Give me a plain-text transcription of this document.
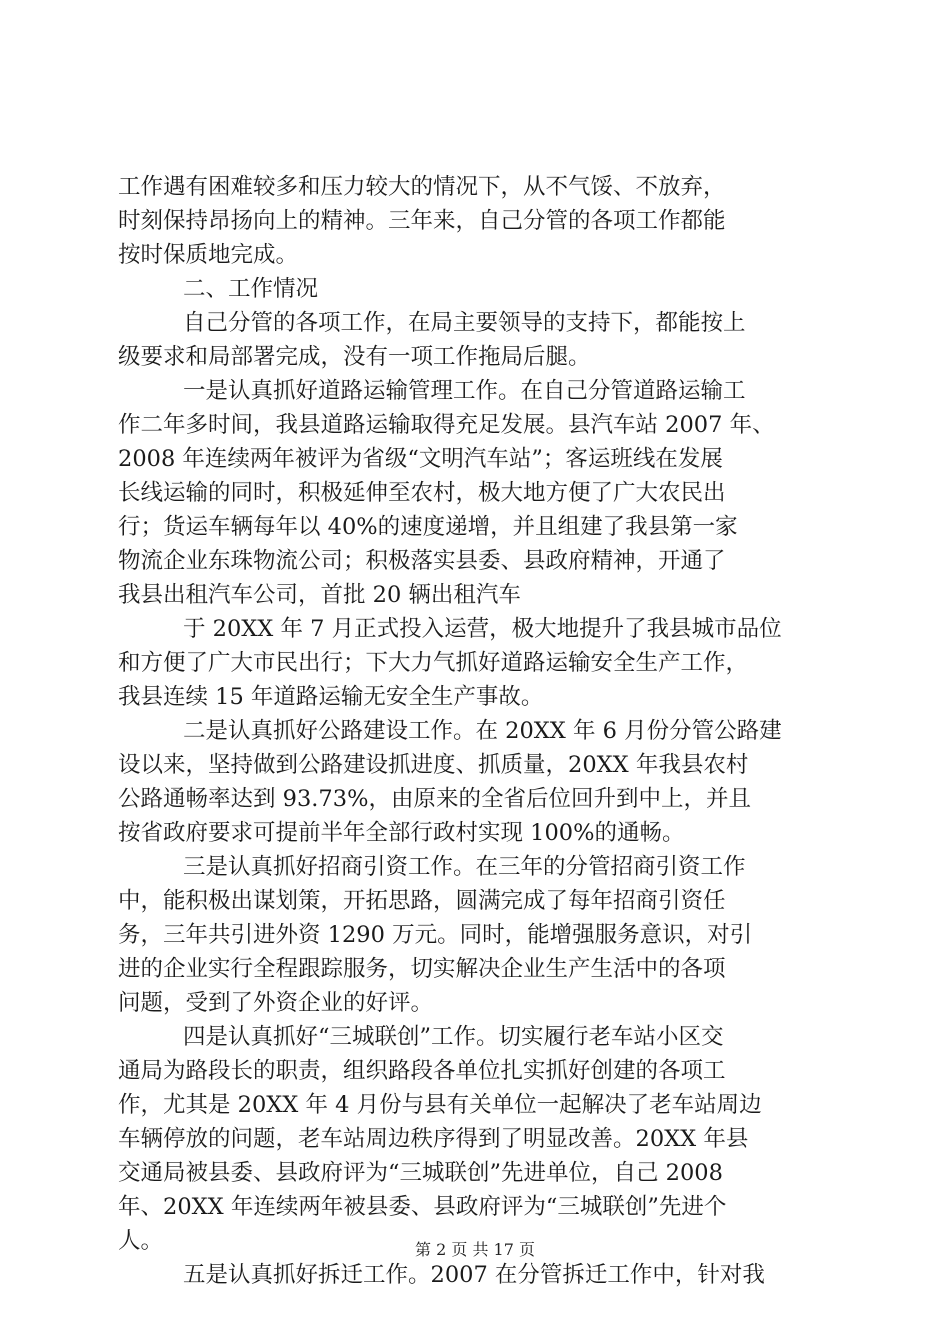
工作遇有困难较多和压力较大的情况下，从不气馁、不放弃，
时刻保持昂扬向上的精神。三年来，自己分管的各项工作都能
按时保质地完成。
二、工作情况
自己分管的各项工作，在局主要领导的支持下，都能按上
级要求和局部署完成，没有一项工作拖局后腿。
一是认真抓好道路运输管理工作。在自己分管道路运输工
作二年多时间，我县道路运输取得充足发展。县汽车站 2007 年、
2008 年连续两年被评为省级“文明汽车站”；客运班线在发展
长线运输的同时，积极延伸至农村，极大地方便了广大农民出
行；货运车辆每年以 40%的速度递增，并且组建了我县第一家
物流企业东珠物流公司；积极落实县委、县政府精神，开通了
我县出租汽车公司，首批 20 辆出租汽车
于 20XX 年 7 月正式投入运营，极大地提升了我县城市品位
和方便了广大市民出行；下大力气抓好道路运输安全生产工作，
我县连续 15 年道路运输无安全生产事故。
二是认真抓好公路建设工作。在 20XX 年 6 月份分管公路建
设以来，坚持做到公路建设抓进度、抓质量，20XX 年我县农村
公路通畅率达到 93.73%，由原来的全省后位回升到中上，并且
按省政府要求可提前半年全部行政村实现 100%的通畅。
三是认真抓好招商引资工作。在三年的分管招商引资工作
中，能积极出谋划策，开拓思路，圆满完成了每年招商引资任
务，三年共引进外资 1290 万元。同时，能增强服务意识，对引
进的企业实行全程跟踪服务，切实解决企业生产生活中的各项
问题，受到了外资企业的好评。
四是认真抓好“三城联创”工作。切实履行老车站小区交
通局为路段长的职责，组织路段各单位扎实抓好创建的各项工
作，尤其是 20XX 年 4 月份与县有关单位一起解决了老车站周边
车辆停放的问题，老车站周边秩序得到了明显改善。20XX 年县
交通局被县委、县政府评为“三城联创”先进单位，自己 2008
年、20XX 年连续两年被县委、县政府评为“三城联创”先进个
人。
五是认真抓好拆迁工作。2007 在分管拆迁工作中，针对我
第 2 页 共 17 页
